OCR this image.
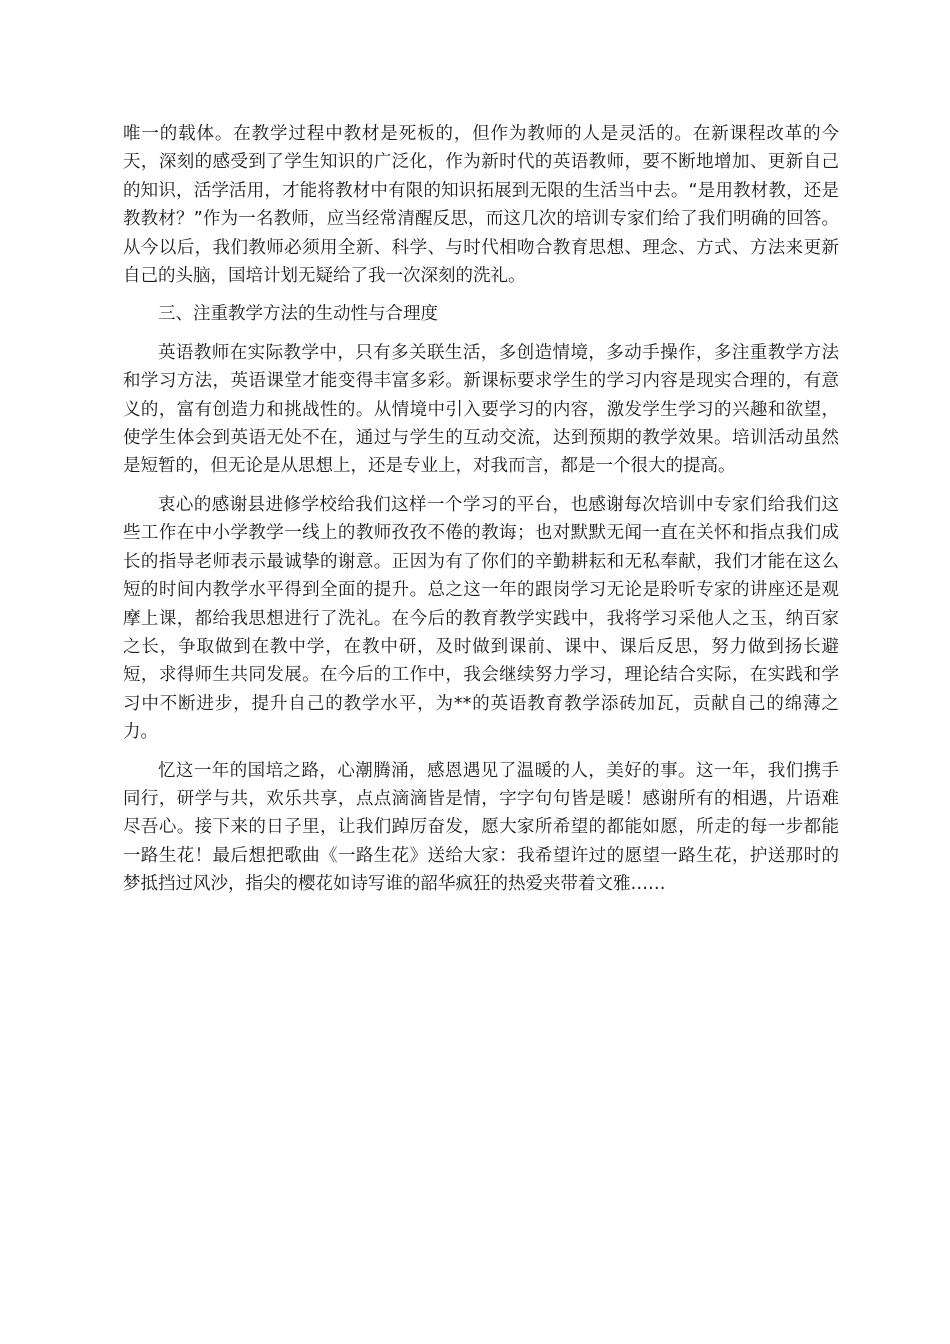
唯一的载体。在教学过程中教材是死板的，但作为教师的人是灵活的。在新课程改革的今天，深刻的感受到了学生知识的广泛化，作为新时代的英语教师，要不断地增加、更新自己的知识，活学活用，才能将教材中有限的知识拓展到无限的生活当中去。“是用教材教，还是教教材？”作为一名教师，应当经常清醒反思，而这几次的培训专家们给了我们明确的回答。从今以后，我们教师必须用全新、科学、与时代相吻合教育思想、理念、方式、方法来更新自己的头脑，国培计划无疑给了我一次深刻的洗礼。

三、注重教学方法的生动性与合理度

英语教师在实际教学中，只有多关联生活，多创造情境，多动手操作，多注重教学方法和学习方法，英语课堂才能变得丰富多彩。新课标要求学生的学习内容是现实合理的，有意义的，富有创造力和挑战性的。从情境中引入要学习的内容，激发学生学习的兴趣和欲望，使学生体会到英语无处不在，通过与学生的互动交流，达到预期的教学效果。培训活动虽然是短暂的，但无论是从思想上，还是专业上，对我而言，都是一个很大的提高。

衷心的感谢县进修学校给我们这样一个学习的平台，也感谢每次培训中专家们给我们这些工作在中小学教学一线上的教师孜孜不倦的教诲；也对默默无闻一直在关怀和指点我们成长的指导老师表示最诚挚的谢意。正因为有了你们的辛勤耕耘和无私奉献，我们才能在这么短的时间内教学水平得到全面的提升。总之这一年的跟岗学习无论是聆听专家的讲座还是观摩上课，都给我思想进行了洗礼。在今后的教育教学实践中，我将学习采他人之玉，纳百家之长，争取做到在教中学，在教中研，及时做到课前、课中、课后反思，努力做到扬长避短，求得师生共同发展。在今后的工作中，我会继续努力学习，理论结合实际，在实践和学习中不断进步，提升自己的教学水平，为**的英语教育教学添砖加瓦，贡献自己的绵薄之力。

忆这一年的国培之路，心潮腾涌，感恩遇见了温暖的人，美好的事。这一年，我们携手同行，研学与共，欢乐共享，点点滴滴皆是情，字字句句皆是暖！感谢所有的相遇，片语难尽吾心。接下来的日子里，让我们踔厉奋发，愿大家所希望的都能如愿，所走的每一步都能一路生花！最后想把歌曲《一路生花》送给大家：我希望许过的愿望一路生花，护送那时的梦抵挡过风沙，指尖的樱花如诗写谁的韶华疯狂的热爱夹带着文雅……
